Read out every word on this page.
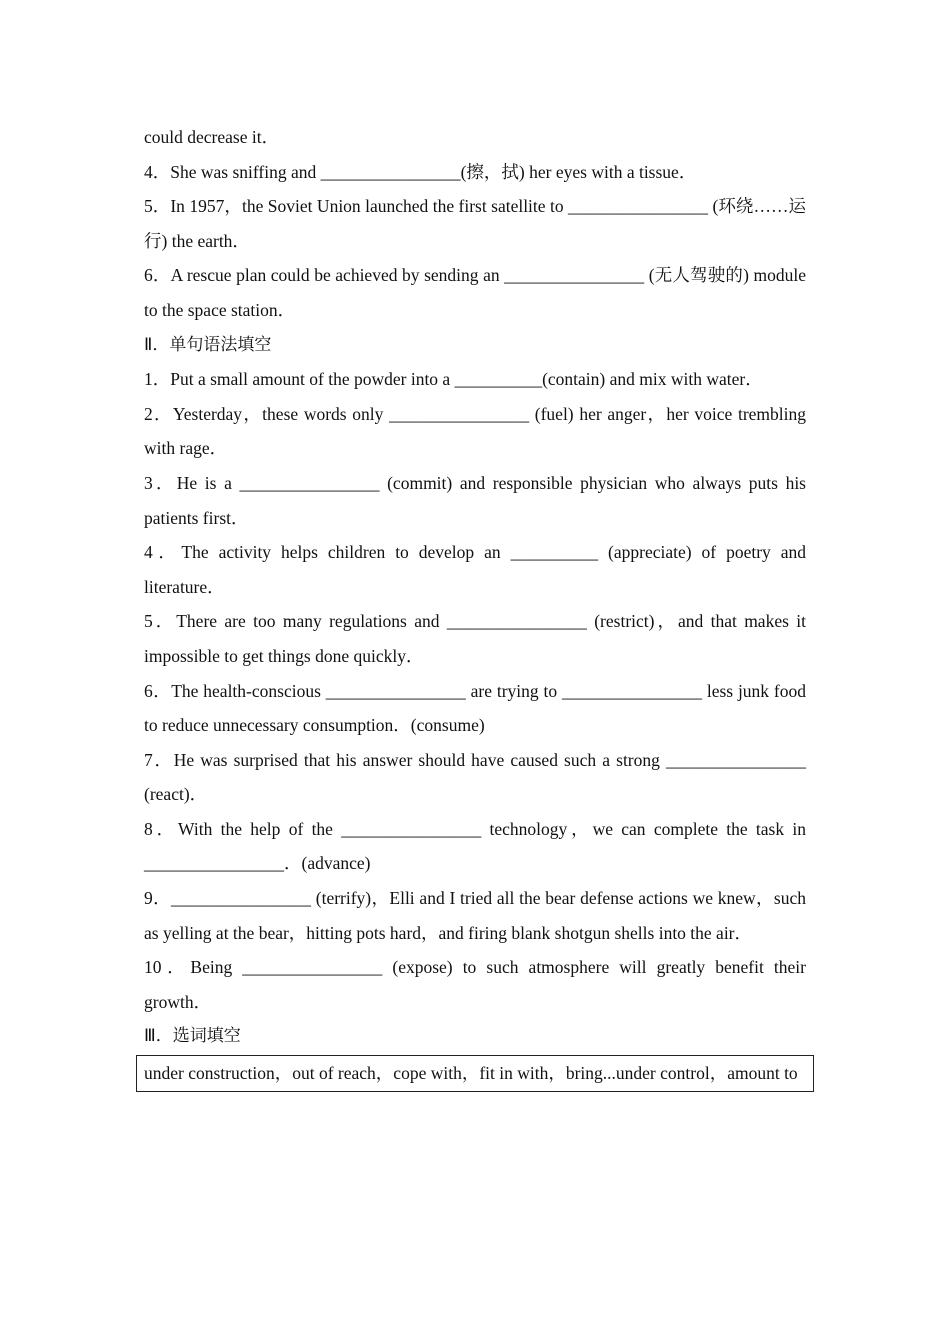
could decrease it．

4．She was sniffing and ________________(擦，拭) her eyes with a tissue．

5．In 1957，the Soviet Union launched the first satellite to ________________ (环绕……运行) the earth．

6．A rescue plan could be achieved by sending an ________________ (无人驾驶的) module to the space station．

Ⅱ．单句语法填空

1．Put a small amount of the powder into a __________(contain) and mix with water．

2．Yesterday，these words only ________________ (fuel) her anger，her voice trembling with rage．

3．He is a ________________ (commit) and responsible physician who always puts his patients first．

4．The activity helps children to develop an __________ (appreciate) of poetry and literature．

5．There are too many regulations and ________________ (restrict)，and that makes it impossible to get things done quickly．

6．The health-conscious ________________ are trying to ________________ less junk food to reduce unnecessary consumption．(consume)

7．He was surprised that his answer should have caused such a strong ________________ (react)．

8．With the help of the ________________ technology，we can complete the task in ________________．(advance)

9．________________ (terrify)，Elli and I tried all the bear defense actions we knew，such as yelling at the bear，hitting pots hard，and firing blank shotgun shells into the air．

10．Being ________________ (expose) to such atmosphere will greatly benefit their growth．

Ⅲ．选词填空

under construction，out of reach，cope with，fit in with，bring...under control，amount to
